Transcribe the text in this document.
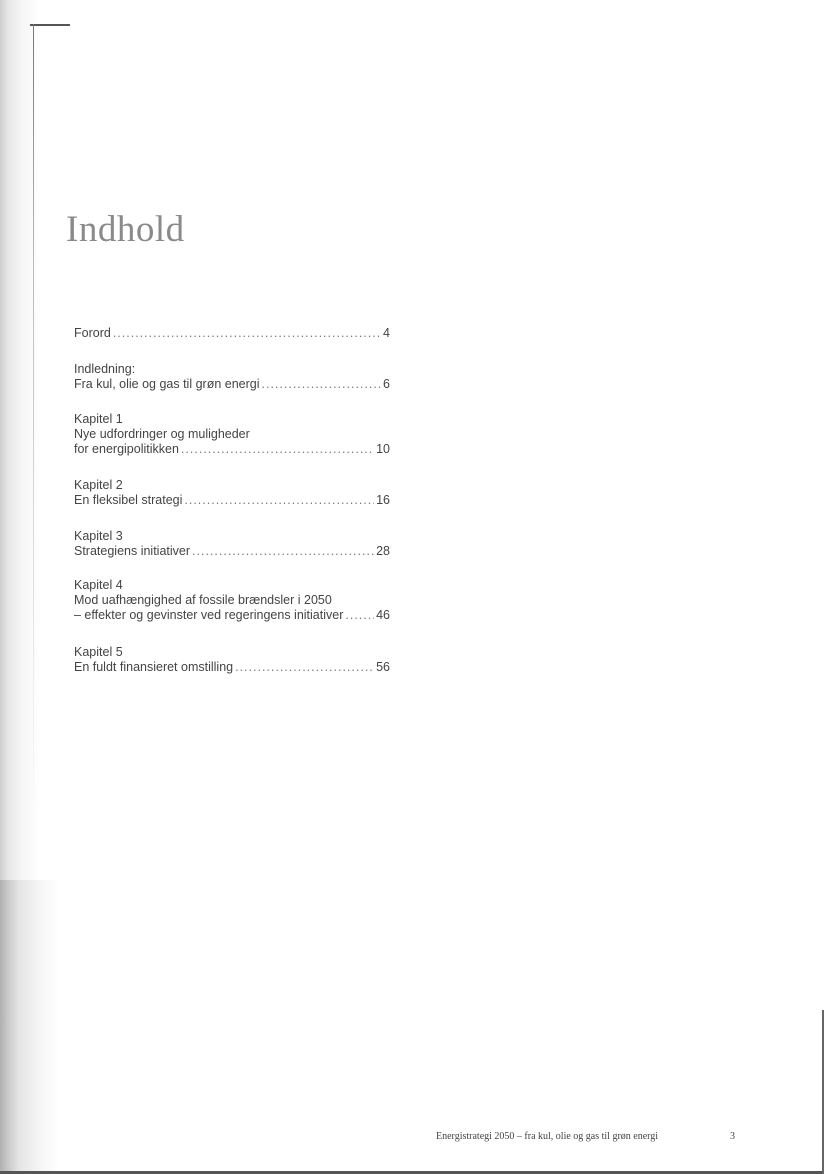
Indhold
Forord .....	4
Indledning:
Fra kul, olie og gas til grøn energi .....	6
Kapitel 1
Nye udfordringer og muligheder
for energipolitikken .....	10
Kapitel 2
En fleksibel strategi .....	16
Kapitel 3
Strategiens initiativer .....	28
Kapitel 4
Mod uafhængighed af fossile brændsler i 2050
– effekter og gevinster ved regeringens initiativer .....	46
Kapitel 5
En fuldt finansieret omstilling .....	56
Energistrategi 2050 – fra kul, olie og gas til grøn energi	3
